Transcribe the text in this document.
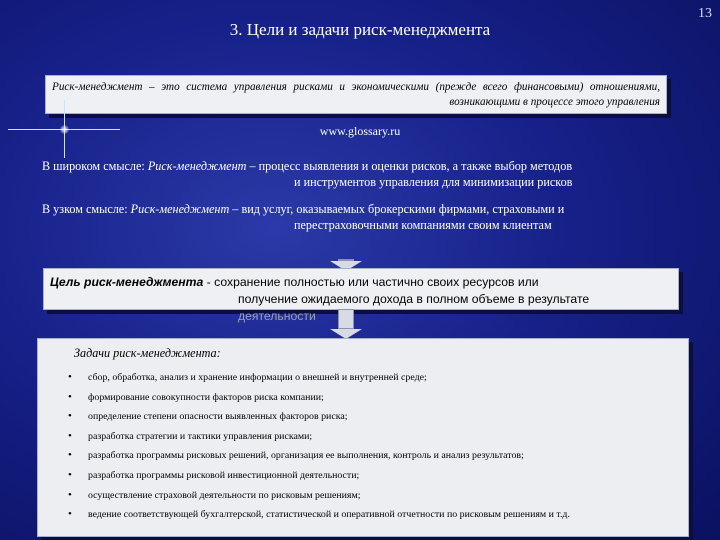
13
3. Цели и задачи риск-менеджмента
Риск-менеджмент – это система управления рисками и экономическими (прежде всего финансовыми) отношениями, возникающими в процессе этого управления
www.glossary.ru
В широком смысле: Риск-менеджмент – процесс выявления и оценки рисков, а также выбор методов
и инструментов управления для минимизации рисков
В узком смысле: Риск-менеджмент – вид услуг, оказываемых брокерскими фирмами, страховыми и
перестраховочными компаниями своим клиентам
Цель риск-менеджмента - сохранение полностью или частично своих ресурсов или
получение ожидаемого дохода в полном объеме в результате
деятельности
Задачи риск-менеджмента:
• сбор, обработка, анализ и хранение информации о внешней и внутренней среде;
• формирование совокупности факторов риска компании;
• определение степени опасности выявленных факторов риска;
• разработка стратегии и тактики управления рисками;
• разработка программы рисковых решений, организация ее выполнения, контроль и анализ результатов;
• разработка программы рисковой инвестиционной деятельности;
• осуществление страховой деятельности по рисковым решениям;
• ведение соответствующей бухгалтерской, статистической и оперативной отчетности по рисковым решениям и т.д.
